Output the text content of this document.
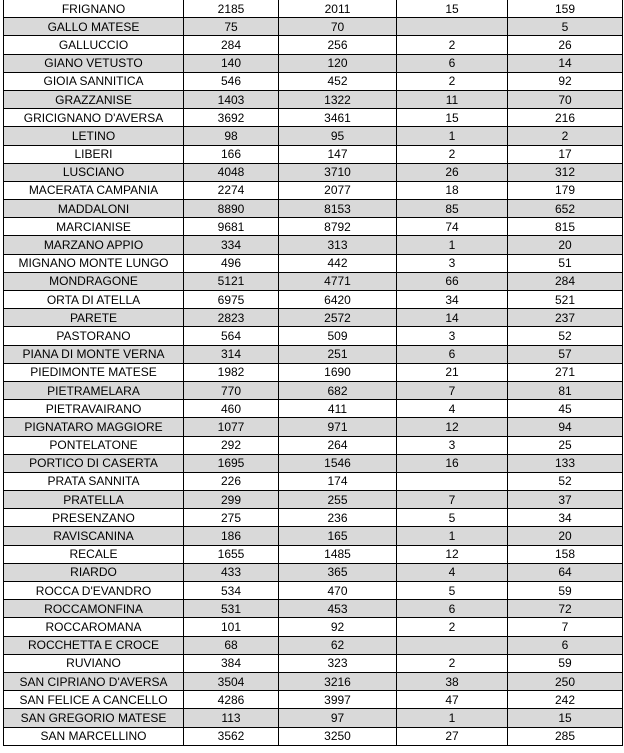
FRIGNANO	2185	2011	15	159
GALLO MATESE	75	70		5
GALLUCCIO	284	256	2	26
GIANO VETUSTO	140	120	6	14
GIOIA SANNITICA	546	452	2	92
GRAZZANISE	1403	1322	11	70
GRICIGNANO D'AVERSA	3692	3461	15	216
LETINO	98	95	1	2
LIBERI	166	147	2	17
LUSCIANO	4048	3710	26	312
MACERATA CAMPANIA	2274	2077	18	179
MADDALONI	8890	8153	85	652
MARCIANISE	9681	8792	74	815
MARZANO APPIO	334	313	1	20
MIGNANO MONTE LUNGO	496	442	3	51
MONDRAGONE	5121	4771	66	284
ORTA DI ATELLA	6975	6420	34	521
PARETE	2823	2572	14	237
PASTORANO	564	509	3	52
PIANA DI MONTE VERNA	314	251	6	57
PIEDIMONTE MATESE	1982	1690	21	271
PIETRAMELARA	770	682	7	81
PIETRAVAIRANO	460	411	4	45
PIGNATARO MAGGIORE	1077	971	12	94
PONTELATONE	292	264	3	25
PORTICO DI CASERTA	1695	1546	16	133
PRATA SANNITA	226	174		52
PRATELLA	299	255	7	37
PRESENZANO	275	236	5	34
RAVISCANINA	186	165	1	20
RECALE	1655	1485	12	158
RIARDO	433	365	4	64
ROCCA D'EVANDRO	534	470	5	59
ROCCAMONFINA	531	453	6	72
ROCCAROMANA	101	92	2	7
ROCCHETTA E CROCE	68	62		6
RUVIANO	384	323	2	59
SAN CIPRIANO D'AVERSA	3504	3216	38	250
SAN FELICE A CANCELLO	4286	3997	47	242
SAN GREGORIO MATESE	113	97	1	15
SAN MARCELLINO	3562	3250	27	285
